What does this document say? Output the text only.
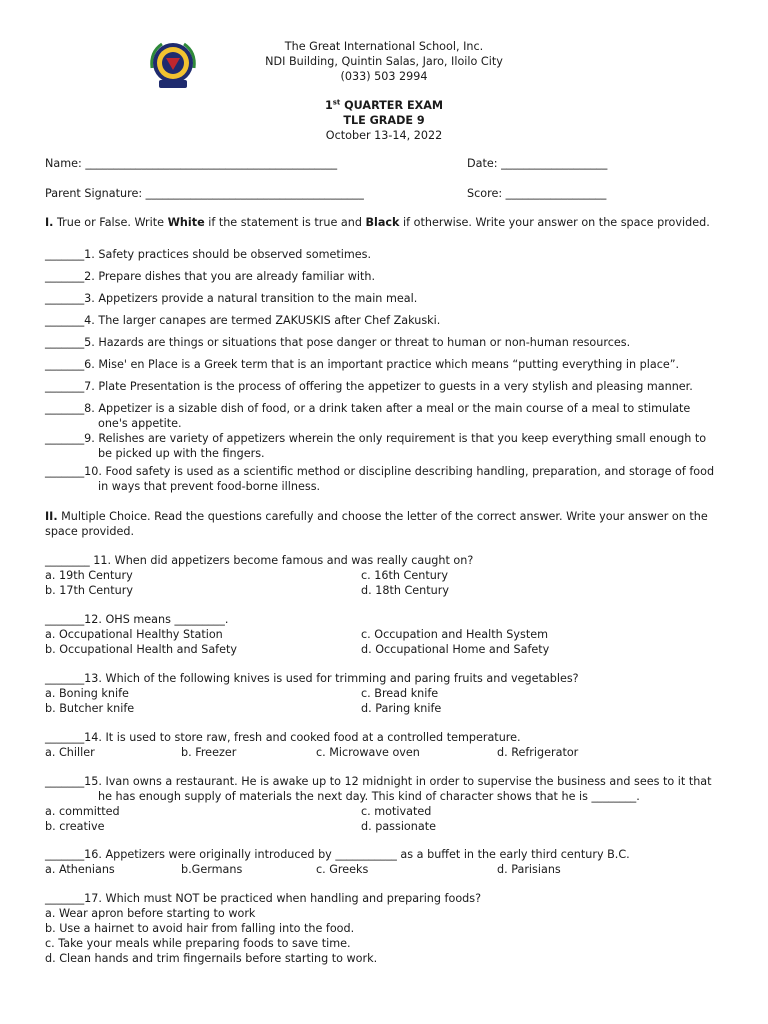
The Great International School, Inc.
NDI Building, Quintin Salas, Jaro, Iloilo City
(033) 503 2994
1st QUARTER EXAM
TLE GRADE 9
October 13-14, 2022
Name: _____________________________________________	Date: ___________________
Parent Signature: _______________________________________	Score: __________________
I. True or False. Write White if the statement is true and Black if otherwise. Write your answer on the space provided.
_______1. Safety practices should be observed sometimes.
_______2. Prepare dishes that you are already familiar with.
_______3. Appetizers provide a natural transition to the main meal.
_______4. The larger canapes are termed ZAKUSKIS after Chef Zakuski.
_______5. Hazards are things or situations that pose danger or threat to human or non-human resources.
_______6. Mise' en Place is a Greek term that is an important practice which means “putting everything in place”.
_______7. Plate Presentation is the process of offering the appetizer to guests in a very stylish and pleasing manner.
_______8. Appetizer is a sizable dish of food, or a drink taken after a meal or the main course of a meal to stimulate
one's appetite.
_______9. Relishes are variety of appetizers wherein the only requirement is that you keep everything small enough to
be picked up with the fingers.
_______10. Food safety is used as a scientific method or discipline describing handling, preparation, and storage of food
in ways that prevent food-borne illness.
II. Multiple Choice. Read the questions carefully and choose the letter of the correct answer. Write your answer on the
space provided.
________ 11. When did appetizers become famous and was really caught on?
a. 19th Century	c. 16th Century
b. 17th Century	d. 18th Century
_______12. OHS means _________.
a. Occupational Healthy Station	c. Occupation and Health System
b. Occupational Health and Safety	d. Occupational Home and Safety
_______13. Which of the following knives is used for trimming and paring fruits and vegetables?
a. Boning knife	c. Bread knife
b. Butcher knife	d. Paring knife
_______14. It is used to store raw, fresh and cooked food at a controlled temperature.
a. Chiller	b. Freezer	c. Microwave oven	d. Refrigerator
_______15. Ivan owns a restaurant. He is awake up to 12 midnight in order to supervise the business and sees to it that
he has enough supply of materials the next day. This kind of character shows that he is ________.
a. committed	c. motivated
b. creative	d. passionate
_______16. Appetizers were originally introduced by ___________ as a buffet in the early third century B.C.
a. Athenians	b.Germans	c. Greeks	d. Parisians
_______17. Which must NOT be practiced when handling and preparing foods?
a. Wear apron before starting to work
b. Use a hairnet to avoid hair from falling into the food.
c. Take your meals while preparing foods to save time.
d. Clean hands and trim fingernails before starting to work.
